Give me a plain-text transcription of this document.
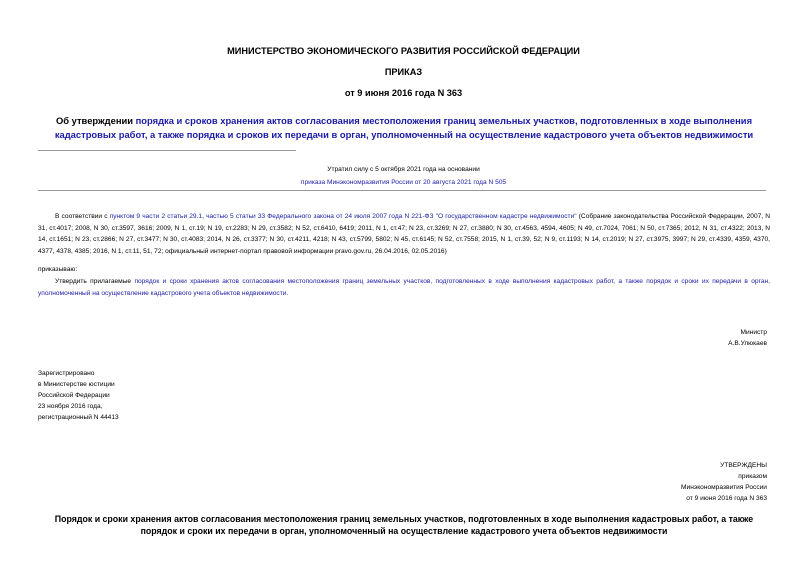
МИНИСТЕРСТВО ЭКОНОМИЧЕСКОГО РАЗВИТИЯ РОССИЙСКОЙ ФЕДЕРАЦИИ
ПРИКАЗ
от 9 июня 2016 года N 363
Об утверждении порядка и сроков хранения актов согласования местоположения границ земельных участков, подготовленных в ходе выполнения кадастровых работ, а также порядка и сроков их передачи в орган, уполномоченный на осуществление кадастрового учета объектов недвижимости
Утратил силу с 5 октября 2021 года на основании
приказа Минэкономразвития России от 20 августа 2021 года N 505
В соответствии с пунктом 9 части 2 статьи 29.1, частью 5 статьи 33 Федерального закона от 24 июля 2007 года N 221-ФЗ "О государственном кадастре недвижимости" (Собрание законодательства Российской Федерации, 2007, N 31, ст.4017; 2008, N 30, ст.3597, 3616; 2009, N 1, ст.19; N 19, ст.2283; N 29, ст.3582; N 52, ст.6410, 6419; 2011, N 1, ст.47; N 23, ст.3269; N 27, ст.3880; N 30, ст.4563, 4594, 4605; N 49, ст.7024, 7061; N 50, ст.7365; 2012, N 31, ст.4322; 2013, N 14, ст.1651; N 23, ст.2866; N 27, ст.3477; N 30, ст.4083; 2014, N 26, ст.3377; N 30, ст.4211, 4218; N 43, ст.5799, 5802; N 45, ст.6145; N 52, ст.7558; 2015, N 1, ст.39, 52; N 9, ст.1193; N 14, ст.2019; N 27, ст.3975, 3997; N 29, ст.4339, 4359, 4370, 4377, 4378, 4385; 2016, N 1, ст.11, 51, 72; официальный интернет-портал правовой информации pravo.gov.ru, 26.04.2016, 02.05.2016)
приказываю:
Утвердить прилагаемые порядок и сроки хранения актов согласования местоположения границ земельных участков, подготовленных в ходе выполнения кадастровых работ, а также порядок и сроки их передачи в орган, уполномоченный на осуществление кадастрового учета объектов недвижимости.
Министр
А.В.Улюкаев
Зарегистрировано
в Министерстве юстиции
Российской Федерации
23 ноября 2016 года,
регистрационный N 44413
УТВЕРЖДЕНЫ
приказом
Минэкономразвития России
от 9 июня 2016 года N 363
Порядок и сроки хранения актов согласования местоположения границ земельных участков, подготовленных в ходе выполнения кадастровых работ, а также порядок и сроки их передачи в орган, уполномоченный на осуществление кадастрового учета объектов недвижимости
